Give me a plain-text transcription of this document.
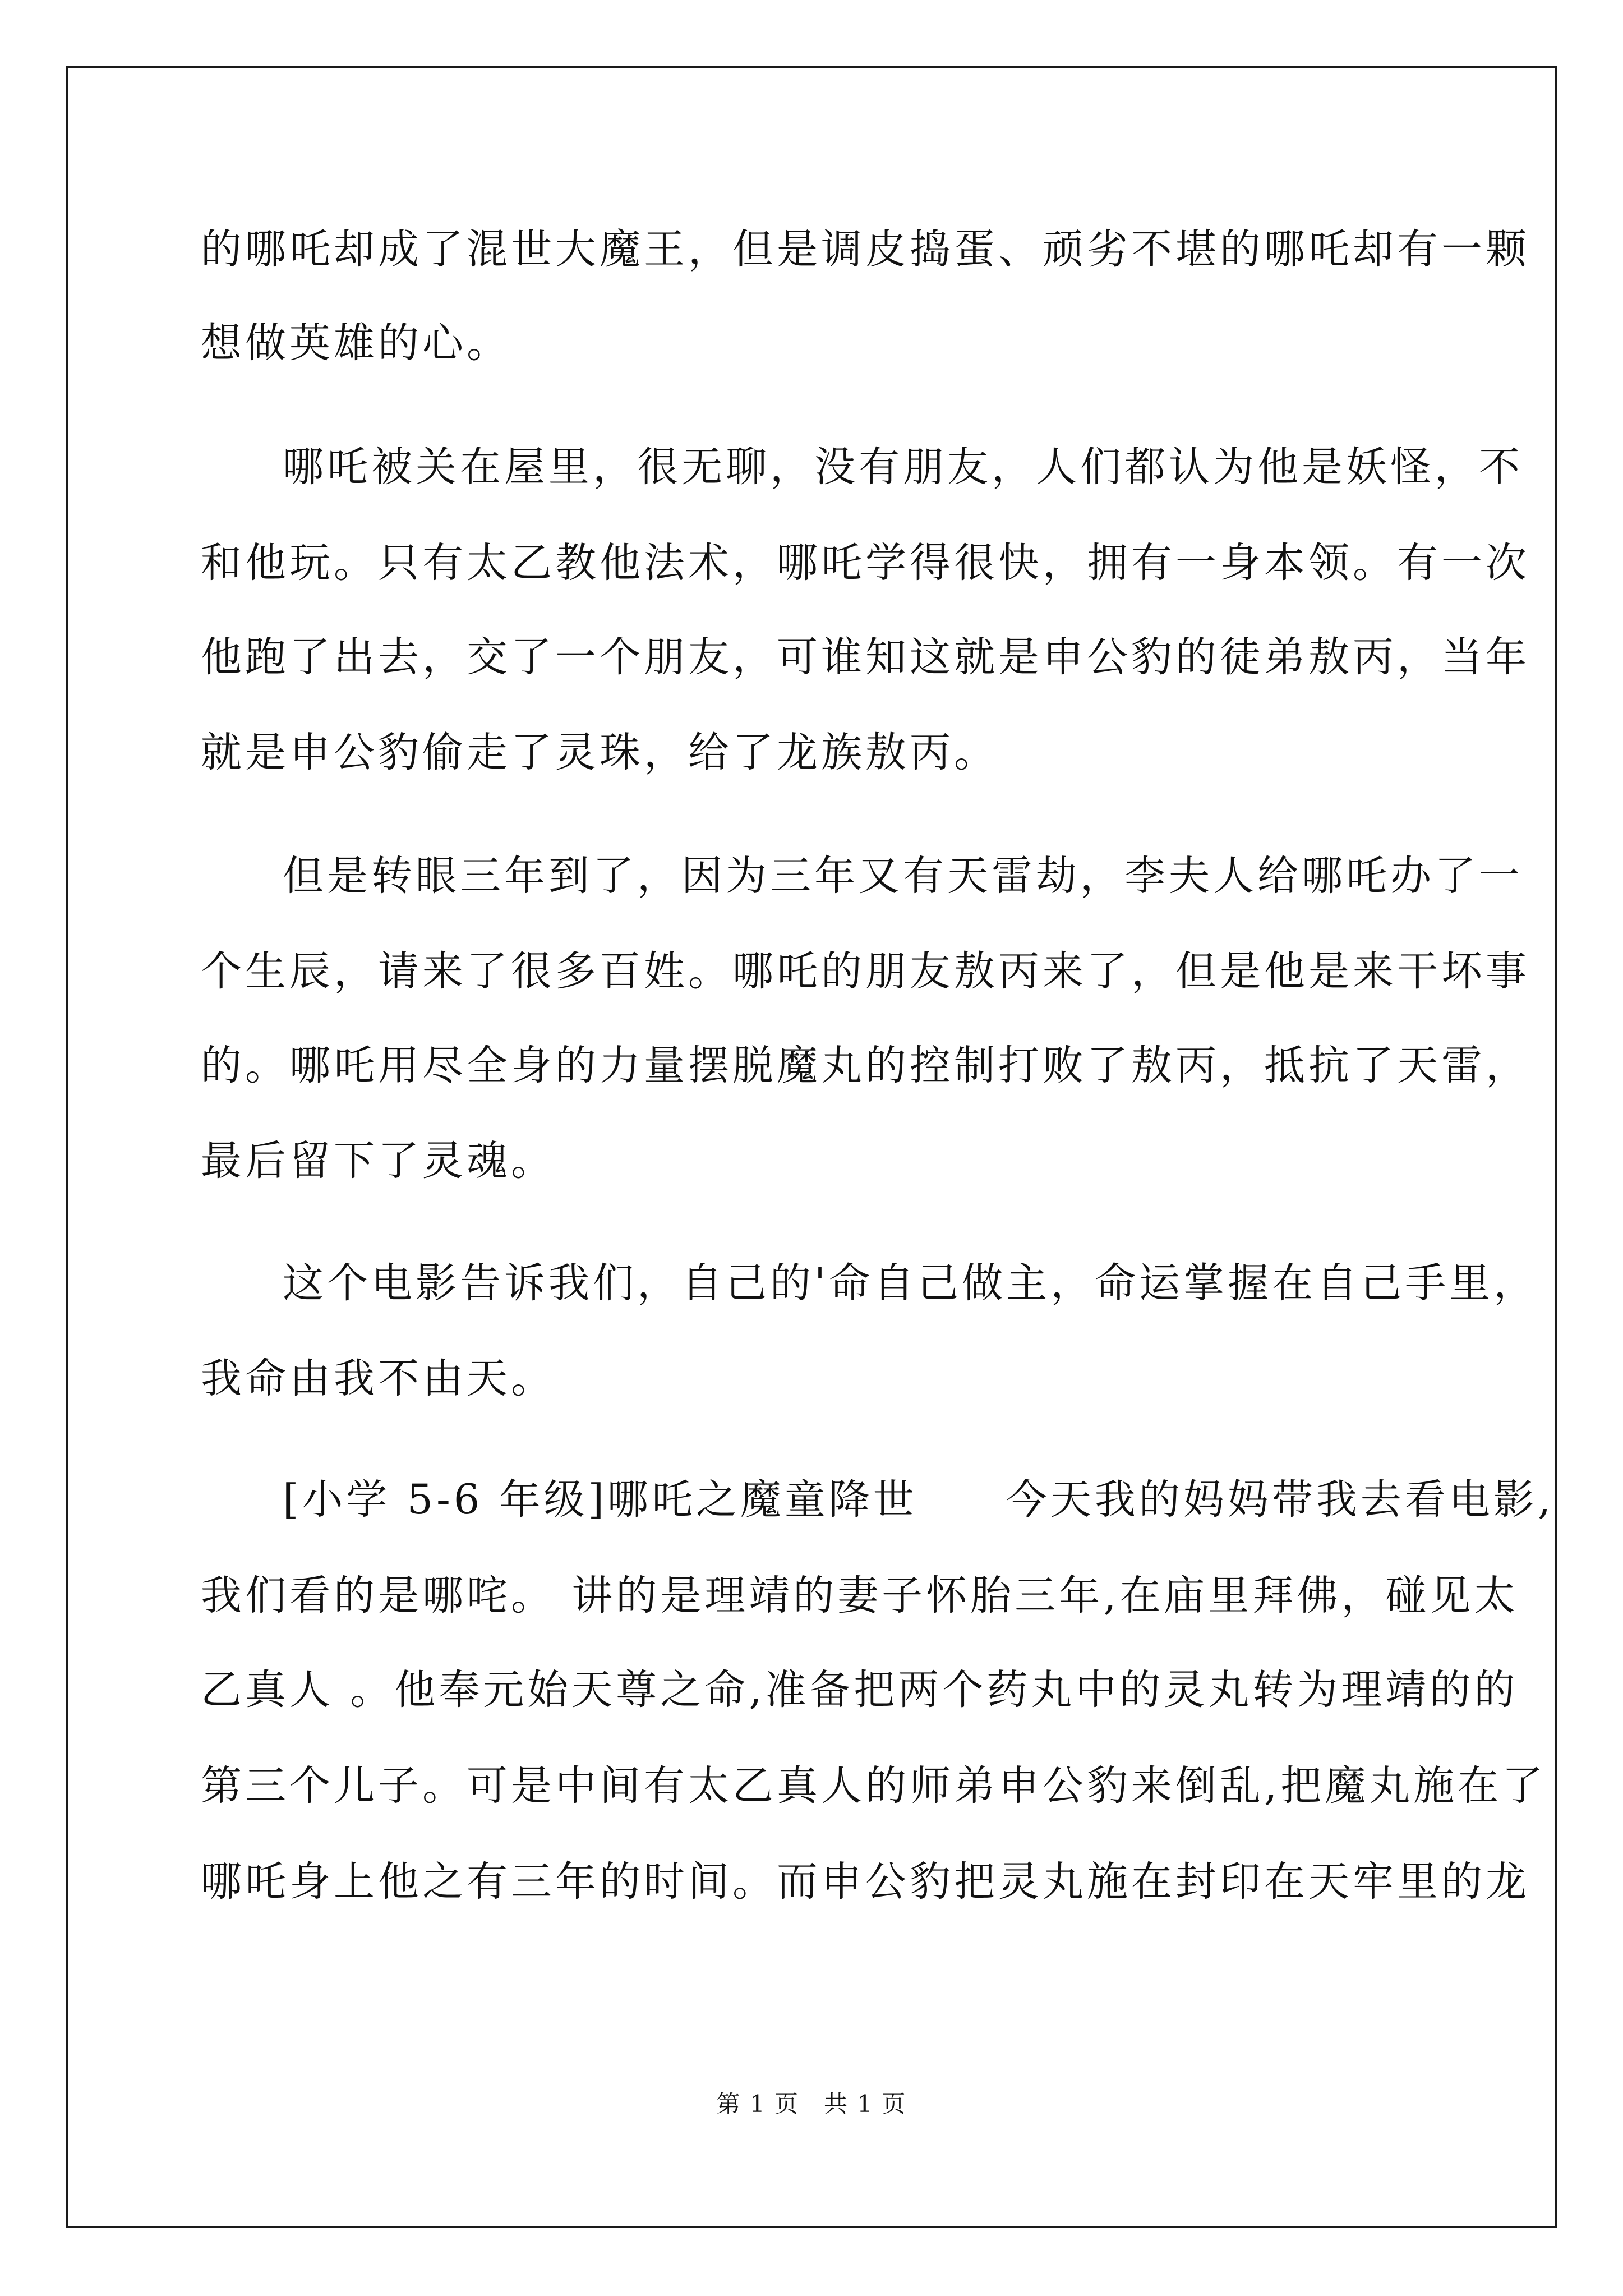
的哪吒却成了混世大魔王，但是调皮捣蛋、顽劣不堪的哪吒却有一颗
想做英雄的心。
哪吒被关在屋里，很无聊，没有朋友，人们都认为他是妖怪，不
和他玩。只有太乙教他法术，哪吒学得很快，拥有一身本领。有一次
他跑了出去，交了一个朋友，可谁知这就是申公豹的徒弟敖丙，当年
就是申公豹偷走了灵珠，给了龙族敖丙。
但是转眼三年到了，因为三年又有天雷劫，李夫人给哪吒办了一
个生辰，请来了很多百姓。哪吒的朋友敖丙来了，但是他是来干坏事
的。哪吒用尽全身的力量摆脱魔丸的控制打败了敖丙，抵抗了天雷，
最后留下了灵魂。
这个电影告诉我们，自己的'命自己做主，命运掌握在自己手里，
我命由我不由天。
[小学 5-6 年级]哪吒之魔童降世　　今天我的妈妈带我去看电影,
我们看的是哪咤。 讲的是理靖的妻子怀胎三年,在庙里拜佛，碰见太
乙真人 。他奉元始天尊之命,准备把两个药丸中的灵丸转为理靖的的
第三个儿子。可是中间有太乙真人的师弟申公豹来倒乱,把魔丸施在了
哪吒身上他之有三年的时间。而申公豹把灵丸施在封印在天牢里的龙
第 1 页　共 1 页
